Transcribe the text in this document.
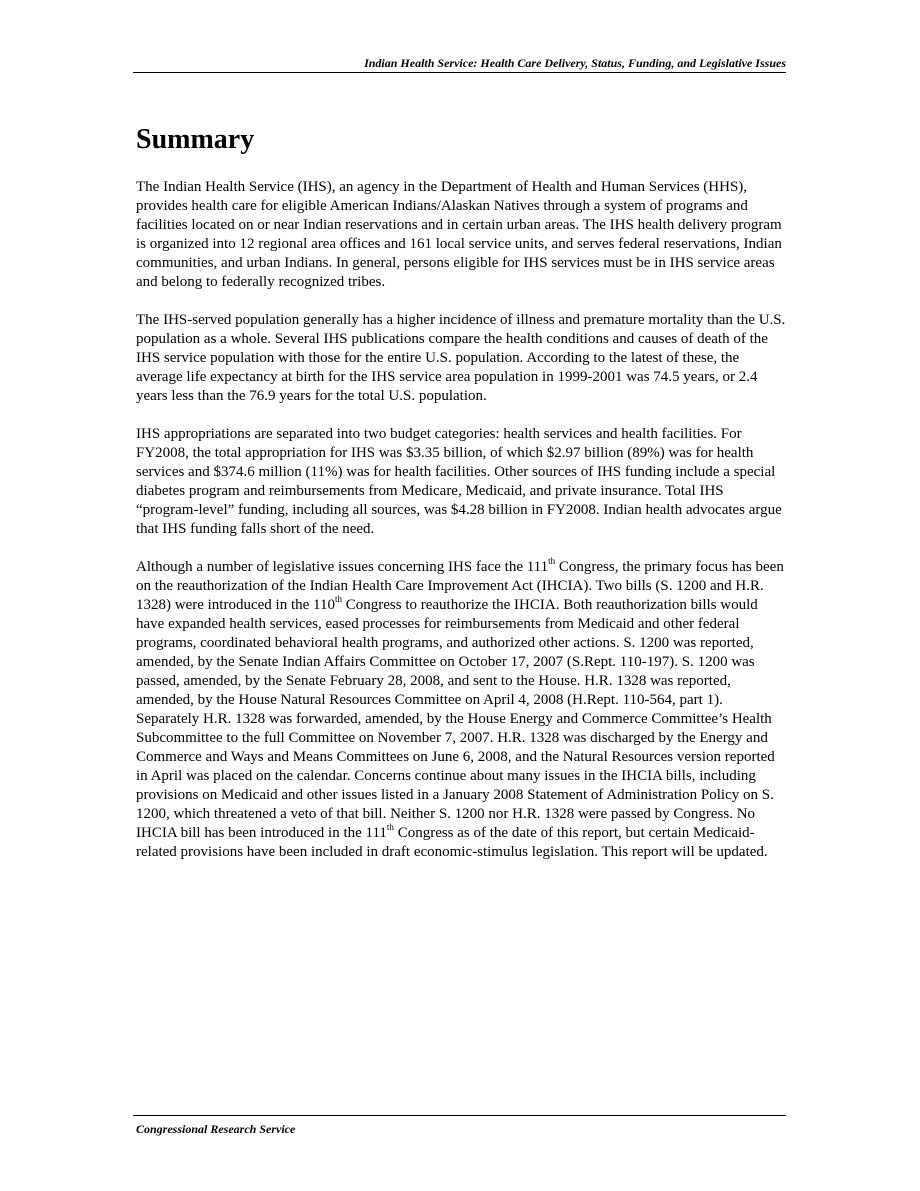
Indian Health Service: Health Care Delivery, Status, Funding, and Legislative Issues
Summary

The Indian Health Service (IHS), an agency in the Department of Health and Human Services (HHS), provides health care for eligible American Indians/Alaskan Natives through a system of programs and facilities located on or near Indian reservations and in certain urban areas. The IHS health delivery program is organized into 12 regional area offices and 161 local service units, and serves federal reservations, Indian communities, and urban Indians. In general, persons eligible for IHS services must be in IHS service areas and belong to federally recognized tribes.

The IHS-served population generally has a higher incidence of illness and premature mortality than the U.S. population as a whole. Several IHS publications compare the health conditions and causes of death of the IHS service population with those for the entire U.S. population. According to the latest of these, the average life expectancy at birth for the IHS service area population in 1999-2001 was 74.5 years, or 2.4 years less than the 76.9 years for the total U.S. population.

IHS appropriations are separated into two budget categories: health services and health facilities. For FY2008, the total appropriation for IHS was $3.35 billion, of which $2.97 billion (89%) was for health services and $374.6 million (11%) was for health facilities. Other sources of IHS funding include a special diabetes program and reimbursements from Medicare, Medicaid, and private insurance. Total IHS “program-level” funding, including all sources, was $4.28 billion in FY2008. Indian health advocates argue that IHS funding falls short of the need.

Although a number of legislative issues concerning IHS face the 111th Congress, the primary focus has been on the reauthorization of the Indian Health Care Improvement Act (IHCIA). Two bills (S. 1200 and H.R. 1328) were introduced in the 110th Congress to reauthorize the IHCIA. Both reauthorization bills would have expanded health services, eased processes for reimbursements from Medicaid and other federal programs, coordinated behavioral health programs, and authorized other actions. S. 1200 was reported, amended, by the Senate Indian Affairs Committee on October 17, 2007 (S.Rept. 110-197). S. 1200 was passed, amended, by the Senate February 28, 2008, and sent to the House. H.R. 1328 was reported, amended, by the House Natural Resources Committee on April 4, 2008 (H.Rept. 110-564, part 1). Separately H.R. 1328 was forwarded, amended, by the House Energy and Commerce Committee’s Health Subcommittee to the full Committee on November 7, 2007. H.R. 1328 was discharged by the Energy and Commerce and Ways and Means Committees on June 6, 2008, and the Natural Resources version reported in April was placed on the calendar. Concerns continue about many issues in the IHCIA bills, including provisions on Medicaid and other issues listed in a January 2008 Statement of Administration Policy on S. 1200, which threatened a veto of that bill. Neither S. 1200 nor H.R. 1328 were passed by Congress. No IHCIA bill has been introduced in the 111th Congress as of the date of this report, but certain Medicaid-related provisions have been included in draft economic-stimulus legislation. This report will be updated.

Congressional Research Service
